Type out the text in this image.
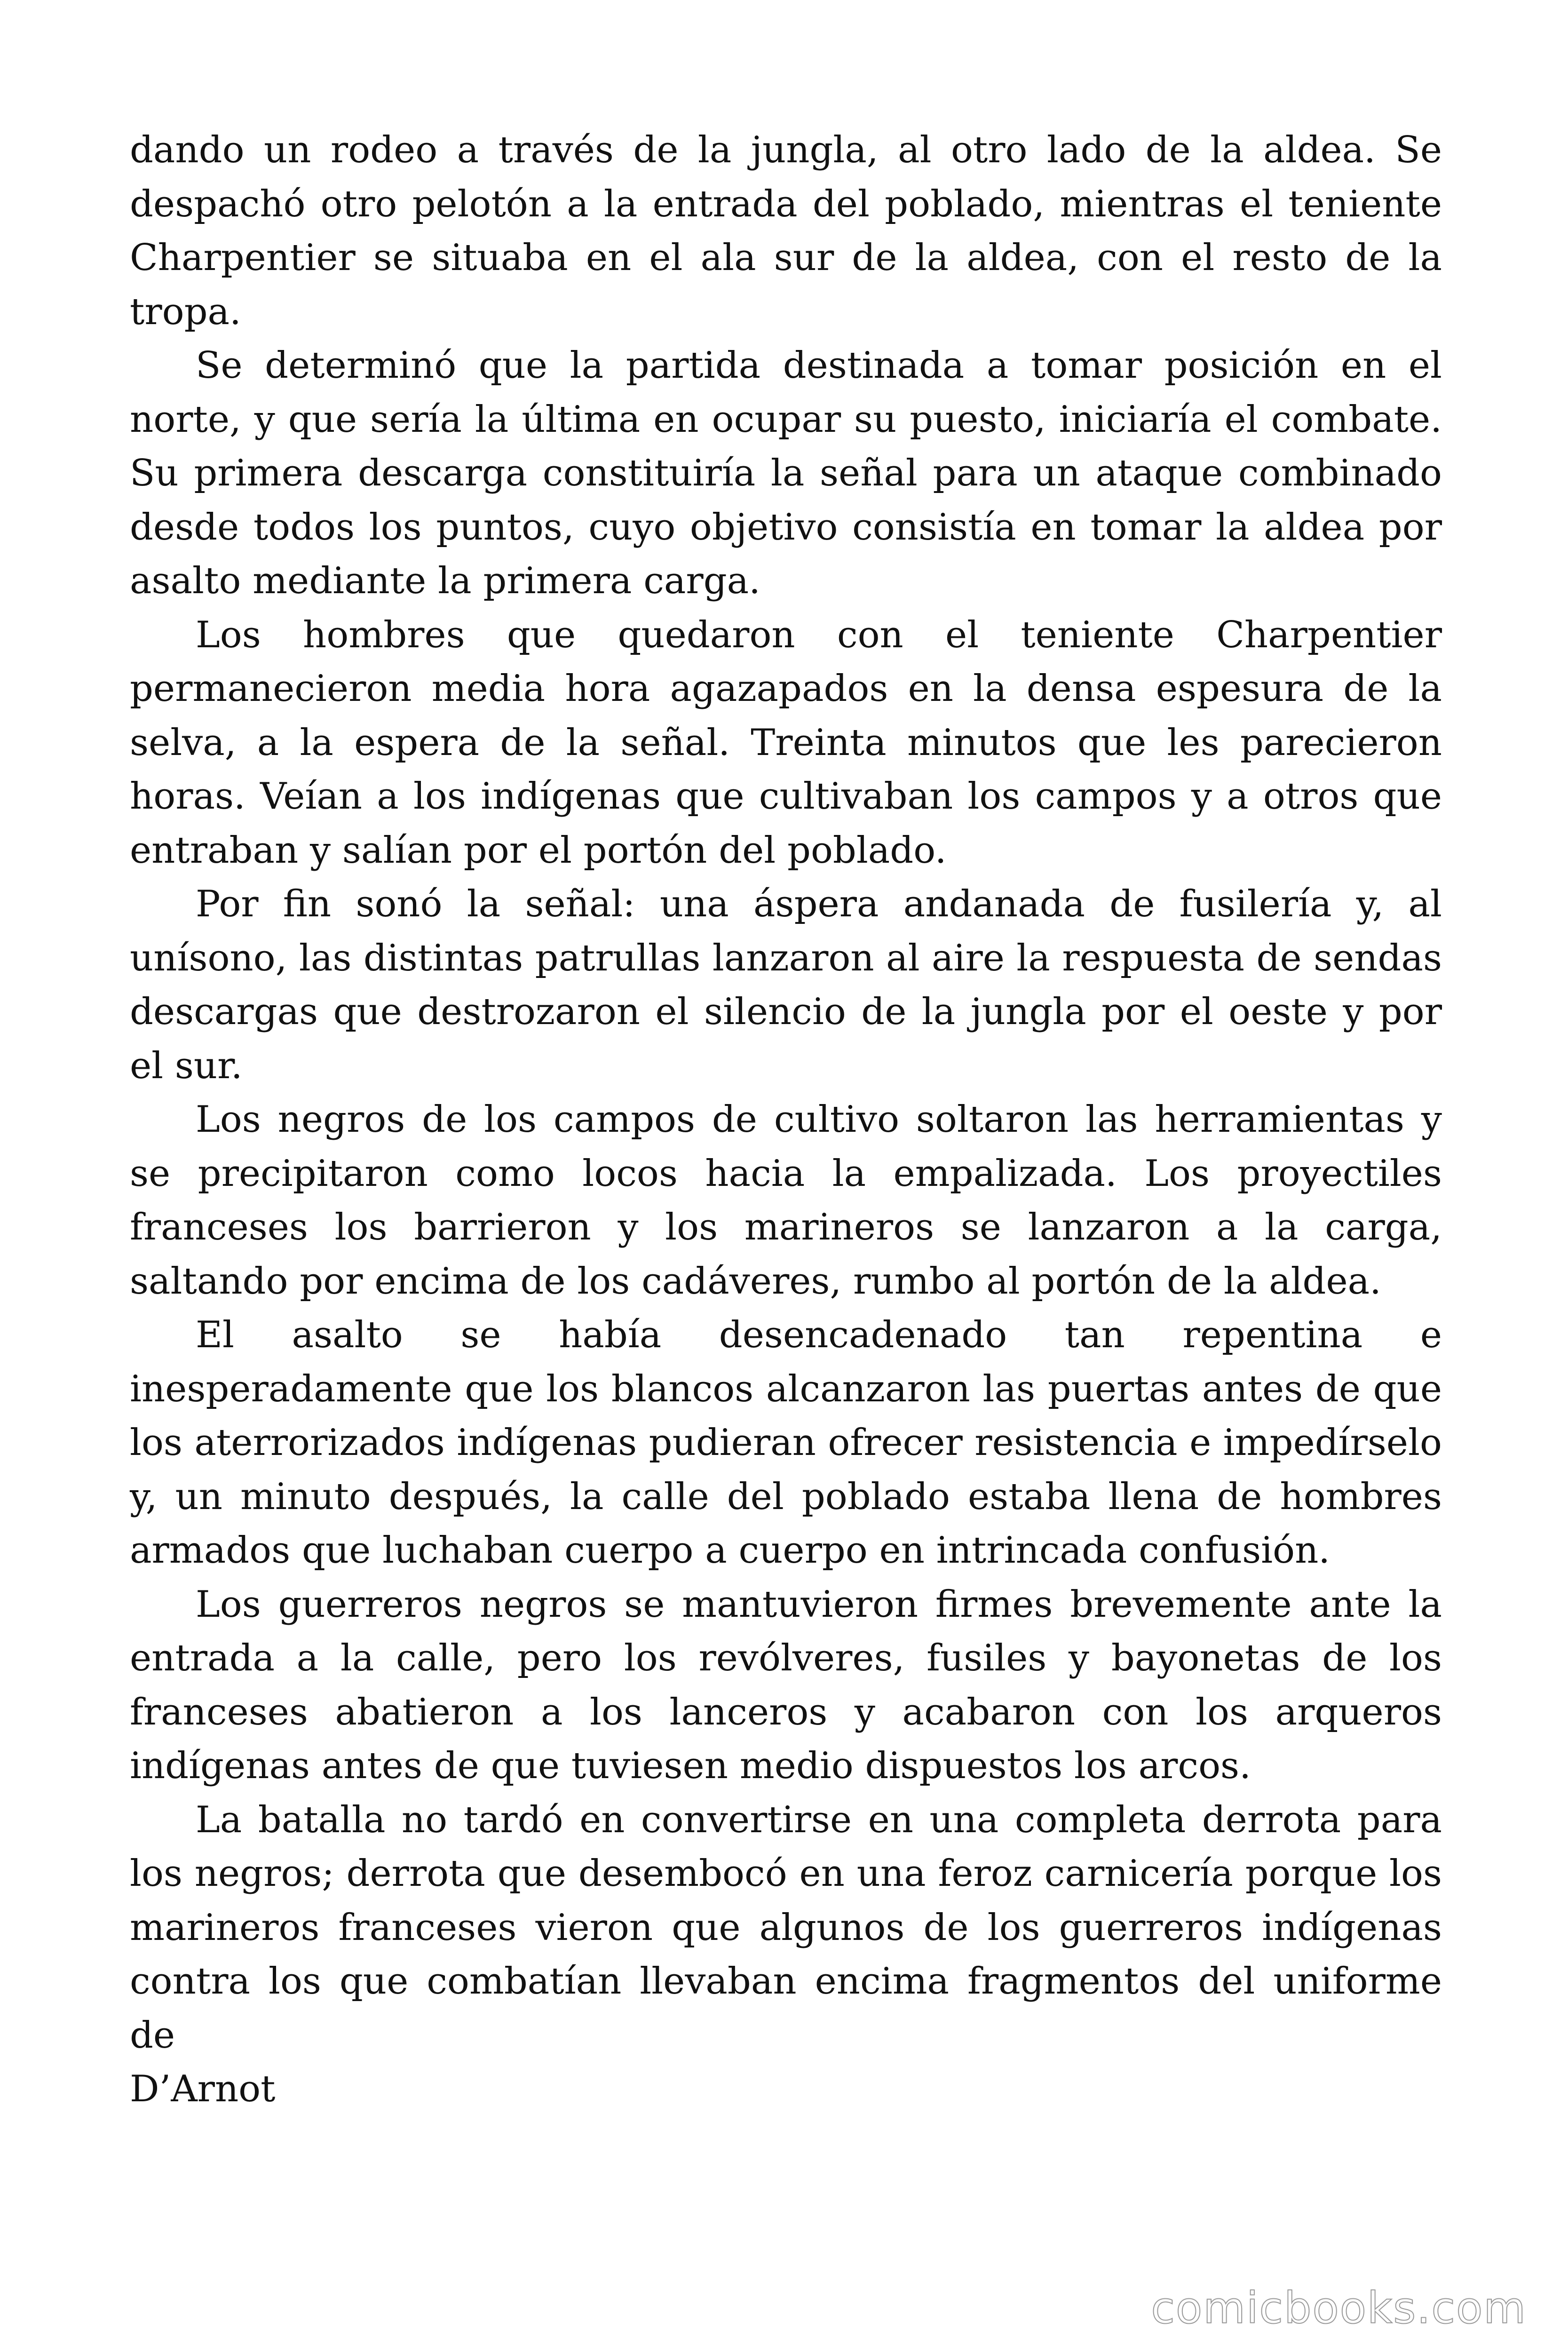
dando un rodeo a través de la jungla, al otro lado de la aldea. Se despachó otro pelotón a la entrada del poblado, mientras el teniente Charpentier se situaba en el ala sur de la aldea, con el resto de la tropa.

Se determinó que la partida destinada a tomar posición en el norte, y que sería la última en ocupar su puesto, iniciaría el combate. Su primera descarga constituiría la señal para un ataque combinado desde todos los puntos, cuyo objetivo consistía en tomar la aldea por asalto mediante la primera carga.

Los hombres que quedaron con el teniente Charpentier permanecieron media hora agazapados en la densa espesura de la selva, a la espera de la señal. Treinta minutos que les parecieron horas. Veían a los indígenas que cultivaban los campos y a otros que entraban y salían por el portón del poblado.

Por fin sonó la señal: una áspera andanada de fusilería y, al unísono, las distintas patrullas lanzaron al aire la respuesta de sendas descargas que destrozaron el silencio de la jungla por el oeste y por el sur.

Los negros de los campos de cultivo soltaron las herramientas y se precipitaron como locos hacia la empalizada. Los proyectiles franceses los barrieron y los marineros se lanzaron a la carga, saltando por encima de los cadáveres, rumbo al portón de la aldea.

El asalto se había desencadenado tan repentina e inesperadamente que los blancos alcanzaron las puertas antes de que los aterrorizados indígenas pudieran ofrecer resistencia e impedírselo y, un minuto después, la calle del poblado estaba llena de hombres armados que luchaban cuerpo a cuerpo en intrincada confusión.

Los guerreros negros se mantuvieron firmes brevemente ante la entrada a la calle, pero los revólveres, fusiles y bayonetas de los franceses abatieron a los lanceros y acabaron con los arqueros indígenas antes de que tuviesen medio dispuestos los arcos.

La batalla no tardó en convertirse en una completa derrota para los negros; derrota que desembocó en una feroz carnicería porque los marineros franceses vieron que algunos de los guerreros indígenas contra los que combatían llevaban encima fragmentos del uniforme de

D’Arnot

comicbooks.com
